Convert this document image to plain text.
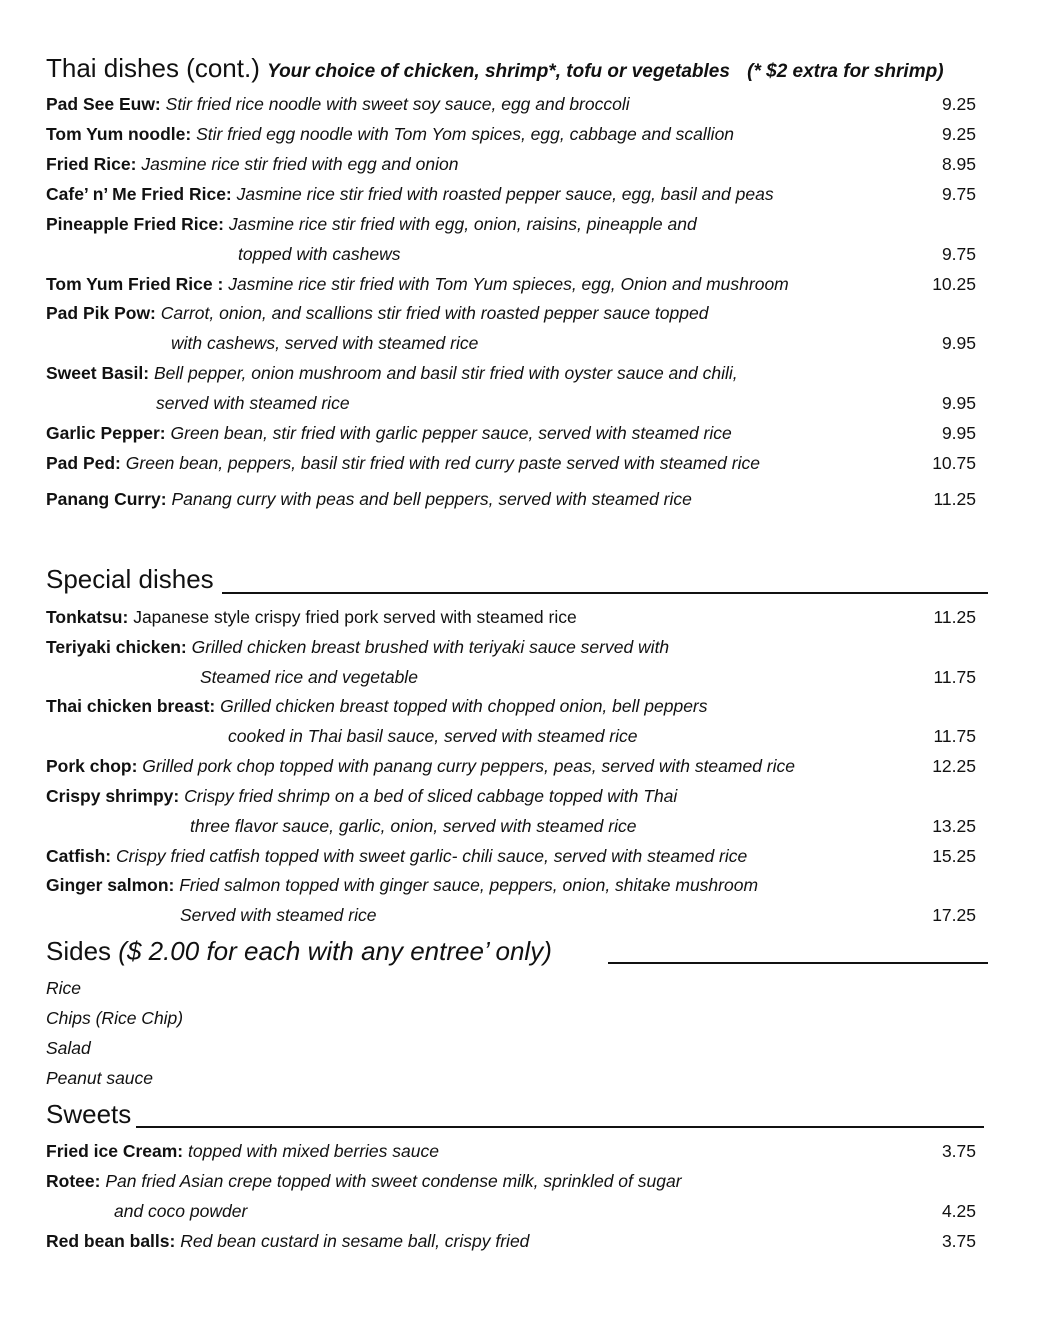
Thai dishes (cont.) Your choice of chicken, shrimp*, tofu or vegetables (* $2 extra for shrimp)
Pad See Euw: Stir fried rice noodle with sweet soy sauce, egg and broccoli	9.25
Tom Yum noodle: Stir fried egg noodle with Tom Yom spices, egg, cabbage and scallion	9.25
Fried Rice: Jasmine rice stir fried with egg and onion	8.95
Cafe’ n’ Me Fried Rice: Jasmine rice stir fried with roasted pepper sauce, egg, basil and peas	9.75
Pineapple Fried Rice: Jasmine rice stir fried with egg, onion, raisins, pineapple and
topped with cashews	9.75
Tom Yum Fried Rice : Jasmine rice stir fried with Tom Yum spieces, egg, Onion and mushroom	10.25
Pad Pik Pow: Carrot, onion, and scallions stir fried with roasted pepper sauce topped
with cashews, served with steamed rice	9.95
Sweet Basil: Bell pepper, onion mushroom and basil stir fried with oyster sauce and chili,
served with steamed rice	9.95
Garlic Pepper: Green bean, stir fried with garlic pepper sauce, served with steamed rice	9.95
Pad Ped: Green bean, peppers, basil stir fried with red curry paste served with steamed rice	10.75
Panang Curry: Panang curry with peas and bell peppers, served with steamed rice	11.25
Special dishes
Tonkatsu: Japanese style crispy fried pork served with steamed rice	11.25
Teriyaki chicken: Grilled chicken breast brushed with teriyaki sauce served with
Steamed rice and vegetable	11.75
Thai chicken breast: Grilled chicken breast topped with chopped onion, bell peppers
cooked in Thai basil sauce, served with steamed rice	11.75
Pork chop: Grilled pork chop topped with panang curry peppers, peas, served with steamed rice	12.25
Crispy shrimpy: Crispy fried shrimp on a bed of sliced cabbage topped with Thai
three flavor sauce, garlic, onion, served with steamed rice	13.25
Catfish: Crispy fried catfish topped with sweet garlic- chili sauce, served with steamed rice	15.25
Ginger salmon: Fried salmon topped with ginger sauce, peppers, onion, shitake mushroom
Served with steamed rice	17.25
Sides ($ 2.00 for each with any entree’ only)
Rice
Chips (Rice Chip)
Salad
Peanut sauce
Sweets
Fried ice Cream: topped with mixed berries sauce	3.75
Rotee: Pan fried Asian crepe topped with sweet condense milk, sprinkled of sugar
and coco powder	4.25
Red bean balls: Red bean custard in sesame ball, crispy fried	3.75
